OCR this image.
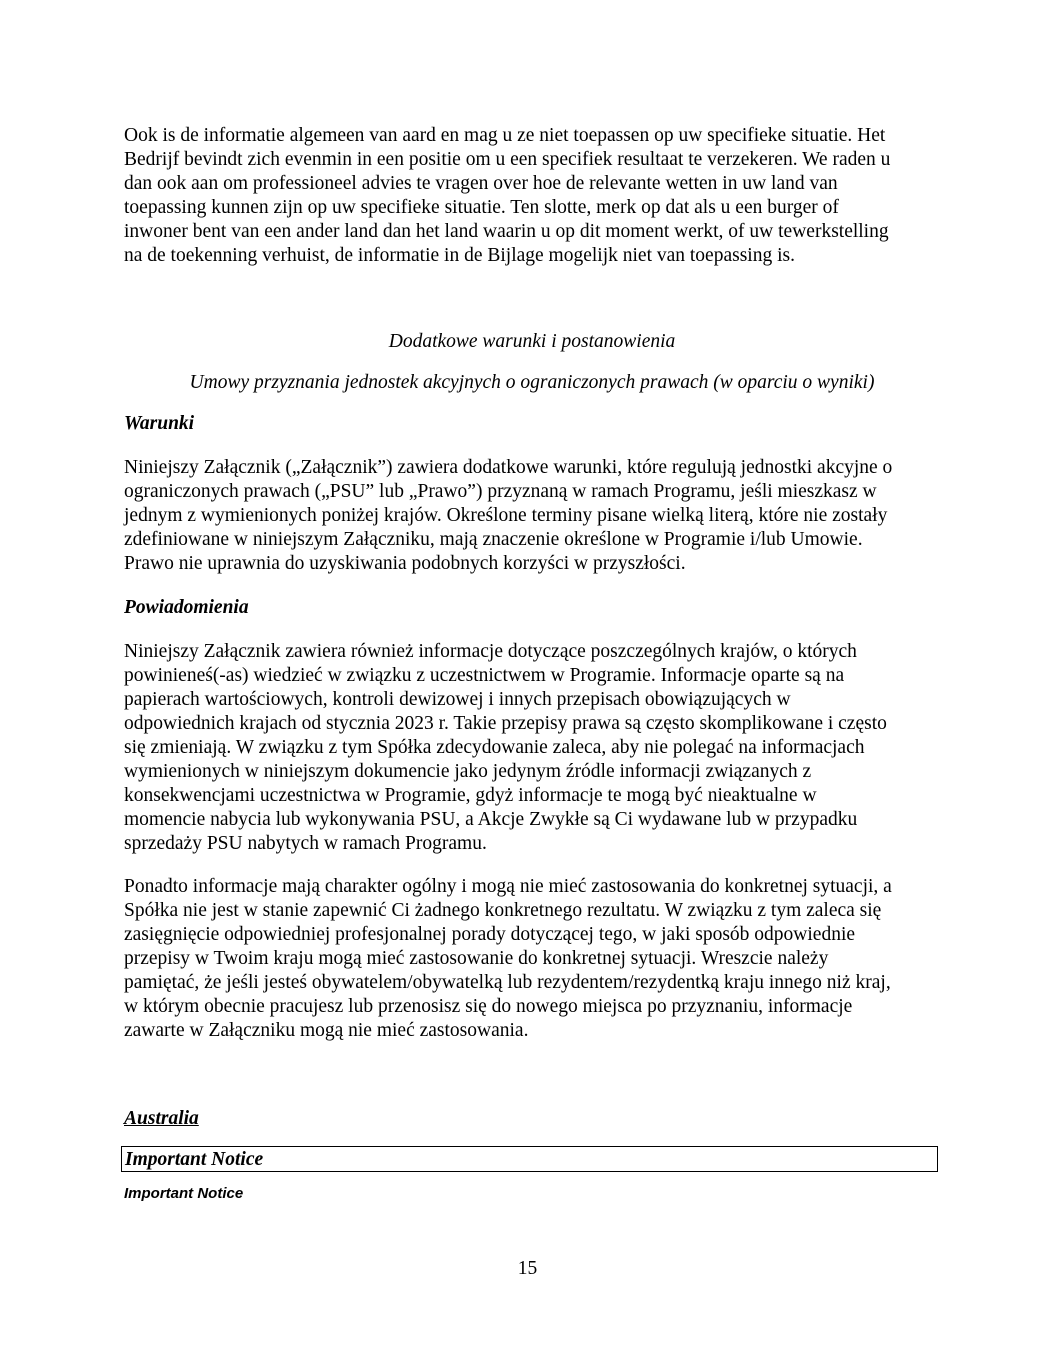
Ook is de informatie algemeen van aard en mag u ze niet toepassen op uw specifieke situatie. Het
Bedrijf bevindt zich evenmin in een positie om u een specifiek resultaat te verzekeren. We raden u
dan ook aan om professioneel advies te vragen over hoe de relevante wetten in uw land van
toepassing kunnen zijn op uw specifieke situatie. Ten slotte, merk op dat als u een burger of
inwoner bent van een ander land dan het land waarin u op dit moment werkt, of uw tewerkstelling
na de toekenning verhuist, de informatie in de Bijlage mogelijk niet van toepassing is.

Dodatkowe warunki i postanowienia

Umowy przyznania jednostek akcyjnych o ograniczonych prawach (w oparciu o wyniki)

Warunki

Niniejszy Załącznik („Załącznik”) zawiera dodatkowe warunki, które regulują jednostki akcyjne o
ograniczonych prawach („PSU” lub „Prawo”) przyznaną w ramach Programu, jeśli mieszkasz w
jednym z wymienionych poniżej krajów. Określone terminy pisane wielką literą, które nie zostały
zdefiniowane w niniejszym Załączniku, mają znaczenie określone w Programie i/lub Umowie.
Prawo nie uprawnia do uzyskiwania podobnych korzyści w przyszłości.

Powiadomienia

Niniejszy Załącznik zawiera również informacje dotyczące poszczególnych krajów, o których
powinieneś(-as) wiedzieć w związku z uczestnictwem w Programie. Informacje oparte są na
papierach wartościowych, kontroli dewizowej i innych przepisach obowiązujących w
odpowiednich krajach od stycznia 2023 r. Takie przepisy prawa są często skomplikowane i często
się zmieniają. W związku z tym Spółka zdecydowanie zaleca, aby nie polegać na informacjach
wymienionych w niniejszym dokumencie jako jedynym źródle informacji związanych z
konsekwencjami uczestnictwa w Programie, gdyż informacje te mogą być nieaktualne w
momencie nabycia lub wykonywania PSU, a Akcje Zwykłe są Ci wydawane lub w przypadku
sprzedaży PSU nabytych w ramach Programu.
Ponadto informacje mają charakter ogólny i mogą nie mieć zastosowania do konkretnej sytuacji, a
Spółka nie jest w stanie zapewnić Ci żadnego konkretnego rezultatu. W związku z tym zaleca się
zasięgnięcie odpowiedniej profesjonalnej porady dotyczącej tego, w jaki sposób odpowiednie
przepisy w Twoim kraju mogą mieć zastosowanie do konkretnej sytuacji. Wreszcie należy
pamiętać, że jeśli jesteś obywatelem/obywatelką lub rezydentem/rezydentką kraju innego niż kraj,
w którym obecnie pracujesz lub przenosisz się do nowego miejsca po przyznaniu, informacje
zawarte w Załączniku mogą nie mieć zastosowania.

Australia

Important Notice

Important Notice

15
